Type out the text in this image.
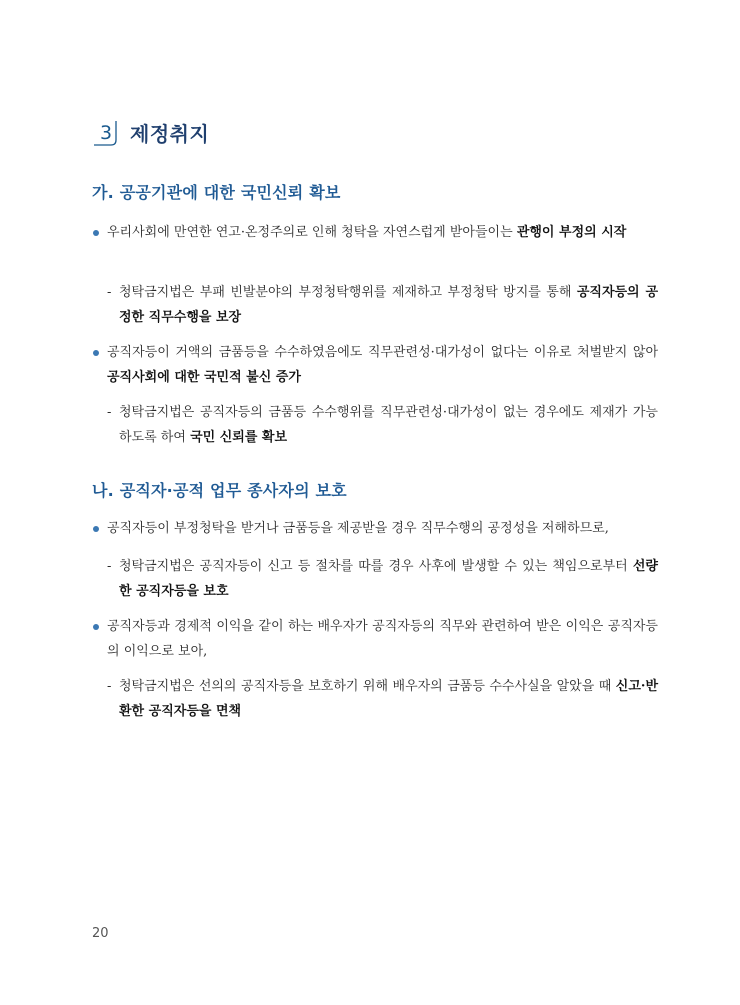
3 제정취지
가. 공공기관에 대한 국민신뢰 확보
우리사회에 만연한 연고·온정주의로 인해 청탁을 자연스럽게 받아들이는 관행이 부정의 시작
- 청탁금지법은 부패 빈발분야의 부정청탁행위를 제재하고 부정청탁 방지를 통해 공직자등의 공정한 직무수행을 보장
공직자등이 거액의 금품등을 수수하였음에도 직무관련성·대가성이 없다는 이유로 처벌받지 않아 공직사회에 대한 국민적 불신 증가
- 청탁금지법은 공직자등의 금품등 수수행위를 직무관련성·대가성이 없는 경우에도 제재가 가능하도록 하여 국민 신뢰를 확보
나. 공직자·공적 업무 종사자의 보호
공직자등이 부정청탁을 받거나 금품등을 제공받을 경우 직무수행의 공정성을 저해하므로,
- 청탁금지법은 공직자등이 신고 등 절차를 따를 경우 사후에 발생할 수 있는 책임으로부터 선량한 공직자등을 보호
공직자등과 경제적 이익을 같이 하는 배우자가 공직자등의 직무와 관련하여 받은 이익은 공직자등의 이익으로 보아,
- 청탁금지법은 선의의 공직자등을 보호하기 위해 배우자의 금품등 수수사실을 알았을 때 신고·반환한 공직자등을 면책
20
